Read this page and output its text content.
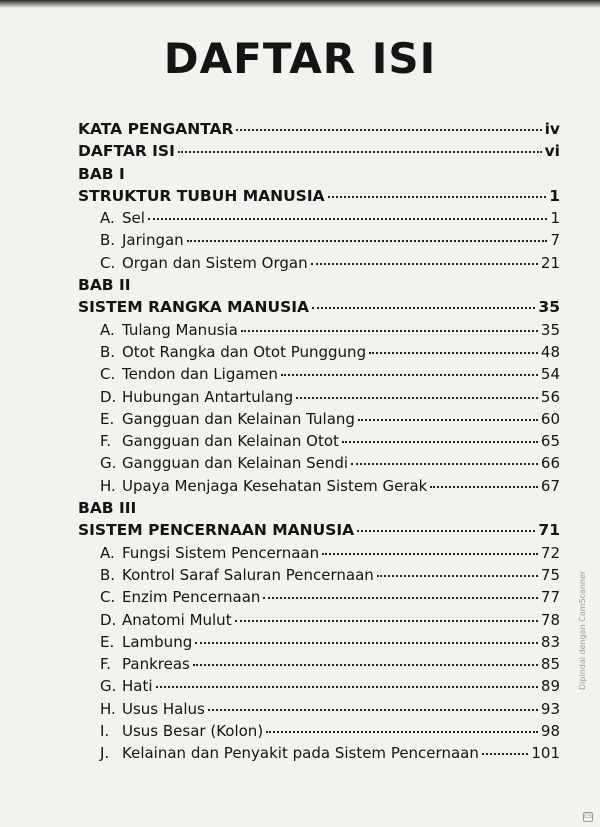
DAFTAR ISI
KATA PENGANTAR	iv
DAFTAR ISI	vi
BAB I
STRUKTUR TUBUH MANUSIA	1
A. Sel	1
B. Jaringan	7
C. Organ dan Sistem Organ	21
BAB II
SISTEM RANGKA MANUSIA	35
A. Tulang Manusia	35
B. Otot Rangka dan Otot Punggung	48
C. Tendon dan Ligamen	54
D. Hubungan Antartulang	56
E. Gangguan dan Kelainan Tulang	60
F. Gangguan dan Kelainan Otot	65
G. Gangguan dan Kelainan Sendi	66
H. Upaya Menjaga Kesehatan Sistem Gerak	67
BAB III
SISTEM PENCERNAAN MANUSIA	71
A. Fungsi Sistem Pencernaan	72
B. Kontrol Saraf Saluran Pencernaan	75
C. Enzim Pencernaan	77
D. Anatomi Mulut	78
E. Lambung	83
F. Pankreas	85
G. Hati	89
H. Usus Halus	93
I. Usus Besar (Kolon)	98
J. Kelainan dan Penyakit pada Sistem Pencernaan	101
Dipindai dengan CamScanner
CS
